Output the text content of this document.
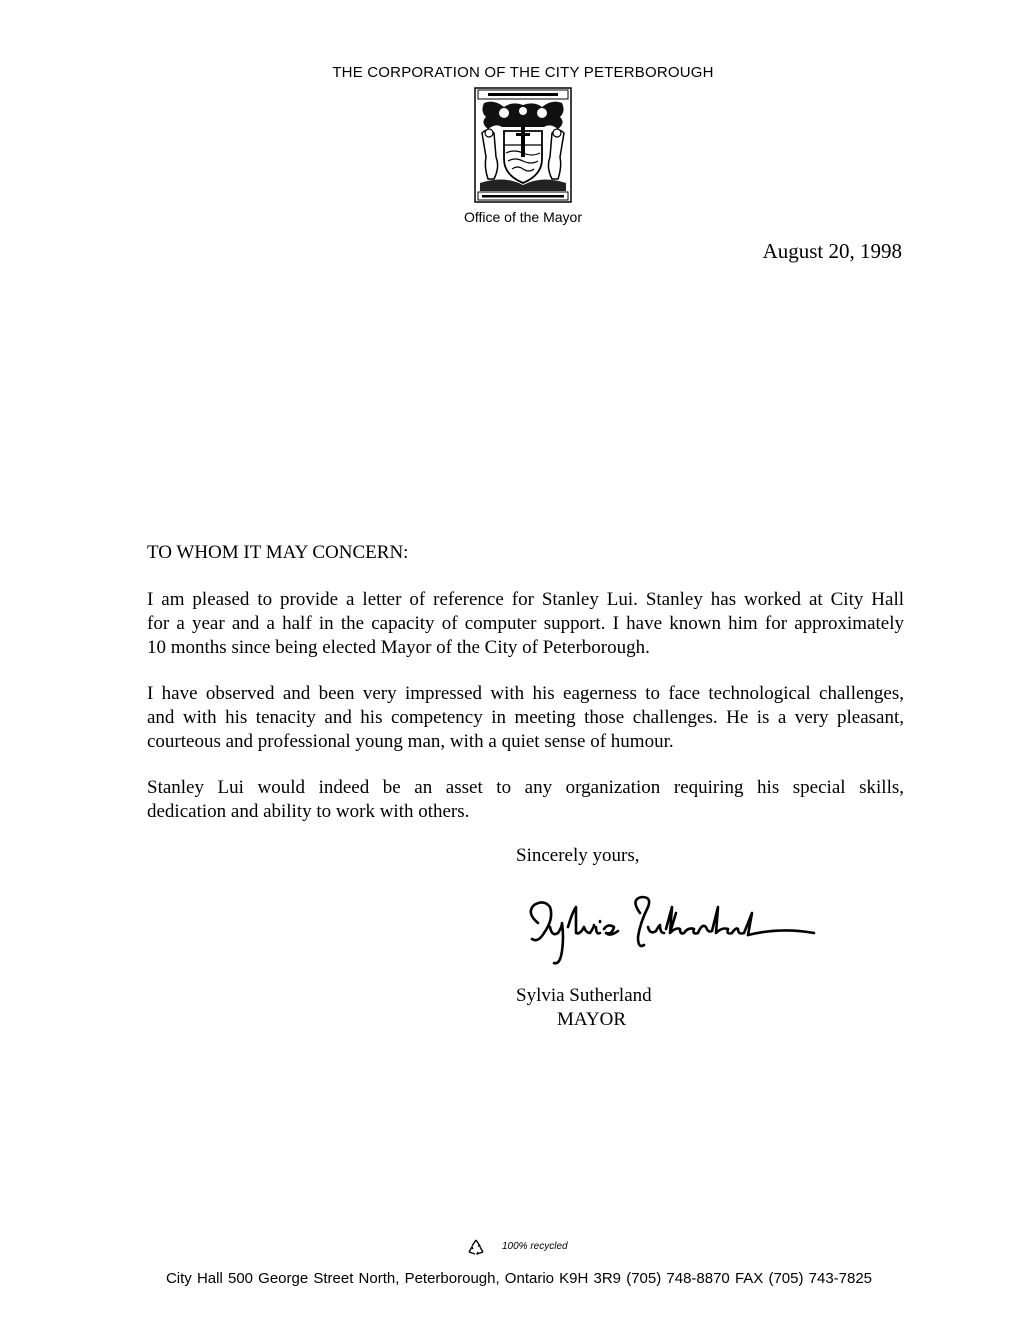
THE CORPORATION OF THE CITY PETERBOROUGH
Office of the Mayor
August 20, 1998
TO WHOM IT MAY CONCERN:
I am pleased to provide a letter of reference for Stanley Lui. Stanley has worked at City Hall
for a year and a half in the capacity of computer support. I have known him for approximately
10 months since being elected Mayor of the City of Peterborough.
I have observed and been very impressed with his eagerness to face technological challenges,
and with his tenacity and his competency in meeting those challenges. He is a very pleasant,
courteous and professional young man, with a quiet sense of humour.
Stanley Lui would indeed be an asset to any organization requiring his special skills,
dedication and ability to work with others.
Sincerely yours,
Sylvia Sutherland
MAYOR
100% recycled
City Hall 500 George Street North, Peterborough, Ontario K9H 3R9 (705) 748-8870 FAX (705) 743-7825
